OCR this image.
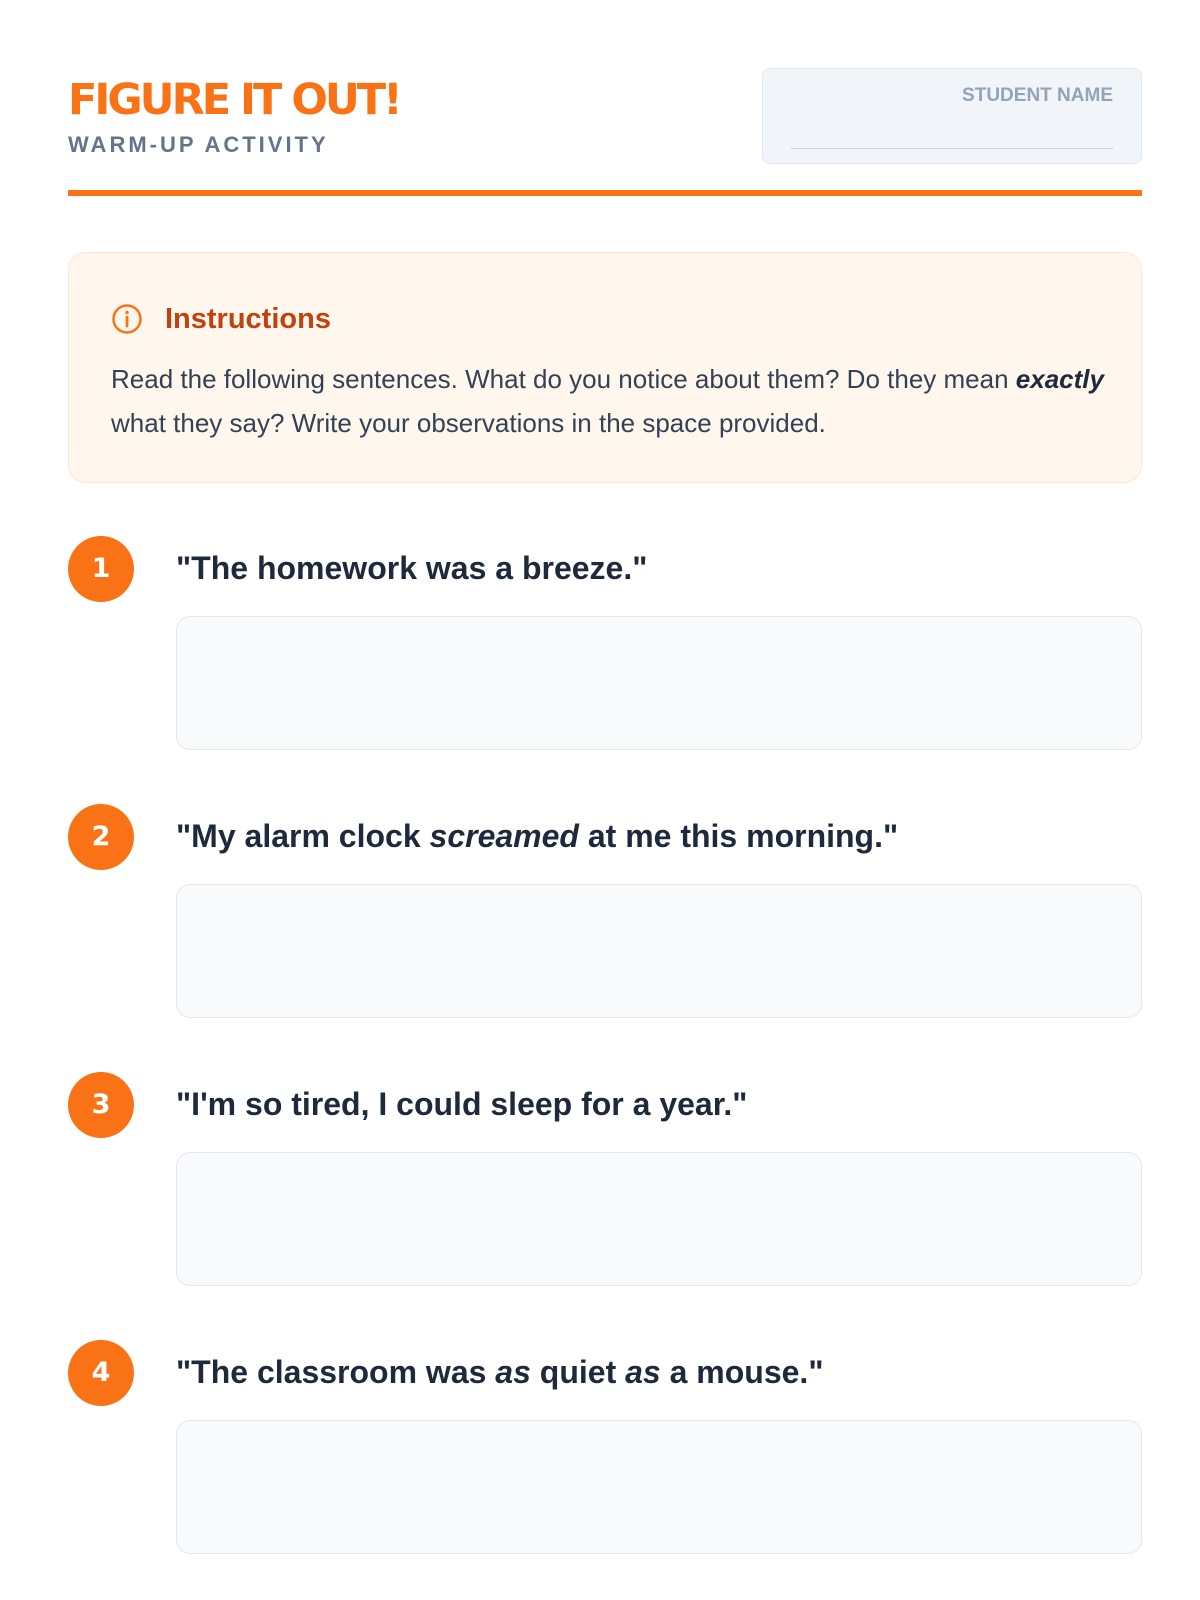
FIGURE IT OUT!
WARM-UP ACTIVITY
STUDENT NAME
Instructions

Read the following sentences. What do you notice about them? Do they mean exactly what they say? Write your observations in the space provided.

1	"The homework was a breeze."
2	"My alarm clock screamed at me this morning."
3	"I'm so tired, I could sleep for a year."
4	"The classroom was as quiet as a mouse."
